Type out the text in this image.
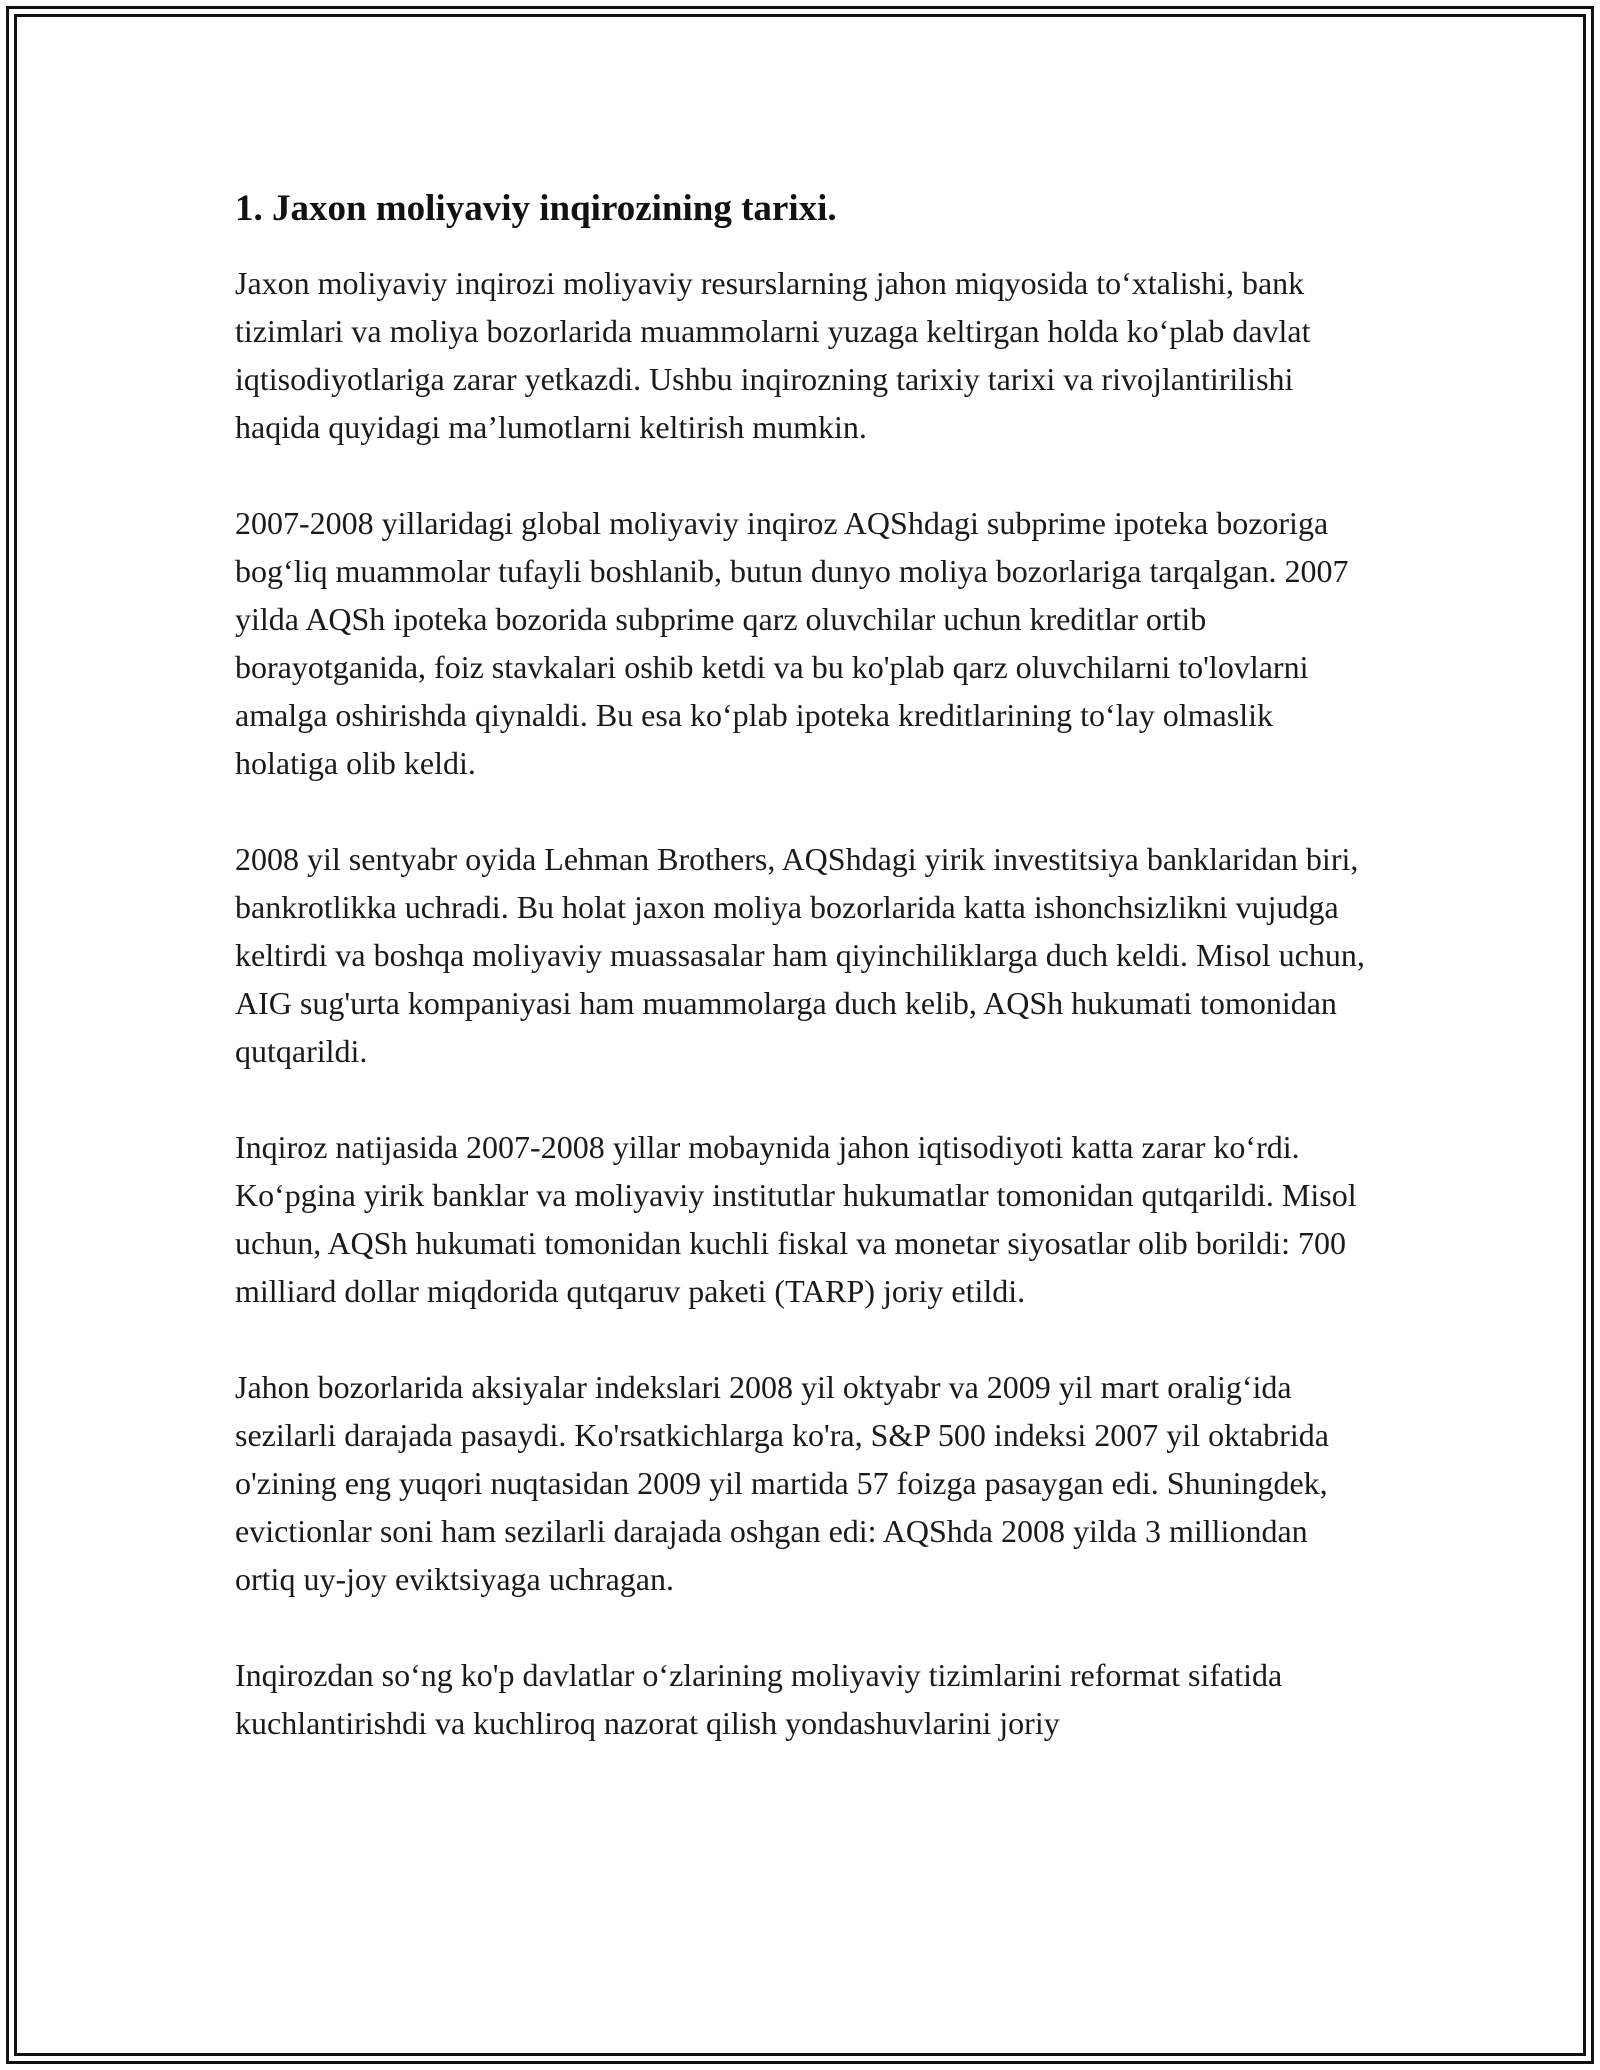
1. Jaxon moliyaviy inqirozining tarixi.

Jaxon moliyaviy inqirozi moliyaviy resurslarning jahon miqyosida to‘xtalishi, bank tizimlari va moliya bozorlarida muammolarni yuzaga keltirgan holda ko‘plab davlat iqtisodiyotlariga zarar yetkazdi. Ushbu inqirozning tarixiy tarixi va rivojlantirilishi haqida quyidagi ma’lumotlarni keltirish mumkin.

2007-2008 yillaridagi global moliyaviy inqiroz AQShdagi subprime ipoteka bozoriga bog‘liq muammolar tufayli boshlanib, butun dunyo moliya bozorlariga tarqalgan. 2007 yilda AQSh ipoteka bozorida subprime qarz oluvchilar uchun kreditlar ortib borayotganida, foiz stavkalari oshib ketdi va bu ko'plab qarz oluvchilarni to'lovlarni amalga oshirishda qiynaldi. Bu esa ko‘plab ipoteka kreditlarining to‘lay olmaslik holatiga olib keldi.

2008 yil sentyabr oyida Lehman Brothers, AQShdagi yirik investitsiya banklaridan biri, bankrotlikka uchradi. Bu holat jaxon moliya bozorlarida katta ishonchsizlikni vujudga keltirdi va boshqa moliyaviy muassasalar ham qiyinchiliklarga duch keldi. Misol uchun, AIG sug'urta kompaniyasi ham muammolarga duch kelib, AQSh hukumati tomonidan qutqarildi.

Inqiroz natijasida 2007-2008 yillar mobaynida jahon iqtisodiyoti katta zarar ko‘rdi. Ko‘pgina yirik banklar va moliyaviy institutlar hukumatlar tomonidan qutqarildi. Misol uchun, AQSh hukumati tomonidan kuchli fiskal va monetar siyosatlar olib borildi: 700 milliard dollar miqdorida qutqaruv paketi (TARP) joriy etildi.

Jahon bozorlarida aksiyalar indekslari 2008 yil oktyabr va 2009 yil mart oralig‘ida sezilarli darajada pasaydi. Ko'rsatkichlarga ko'ra, S&P 500 indeksi 2007 yil oktabrida o'zining eng yuqori nuqtasidan 2009 yil martida 57 foizga pasaygan edi. Shuningdek, evictionlar soni ham sezilarli darajada oshgan edi: AQShda 2008 yilda 3 milliondan ortiq uy-joy eviktsiyaga uchragan.

Inqirozdan so‘ng ko'p davlatlar o‘zlarining moliyaviy tizimlarini reformat sifatida kuchlantirishdi va kuchliroq nazorat qilish yondashuvlarini joriy
